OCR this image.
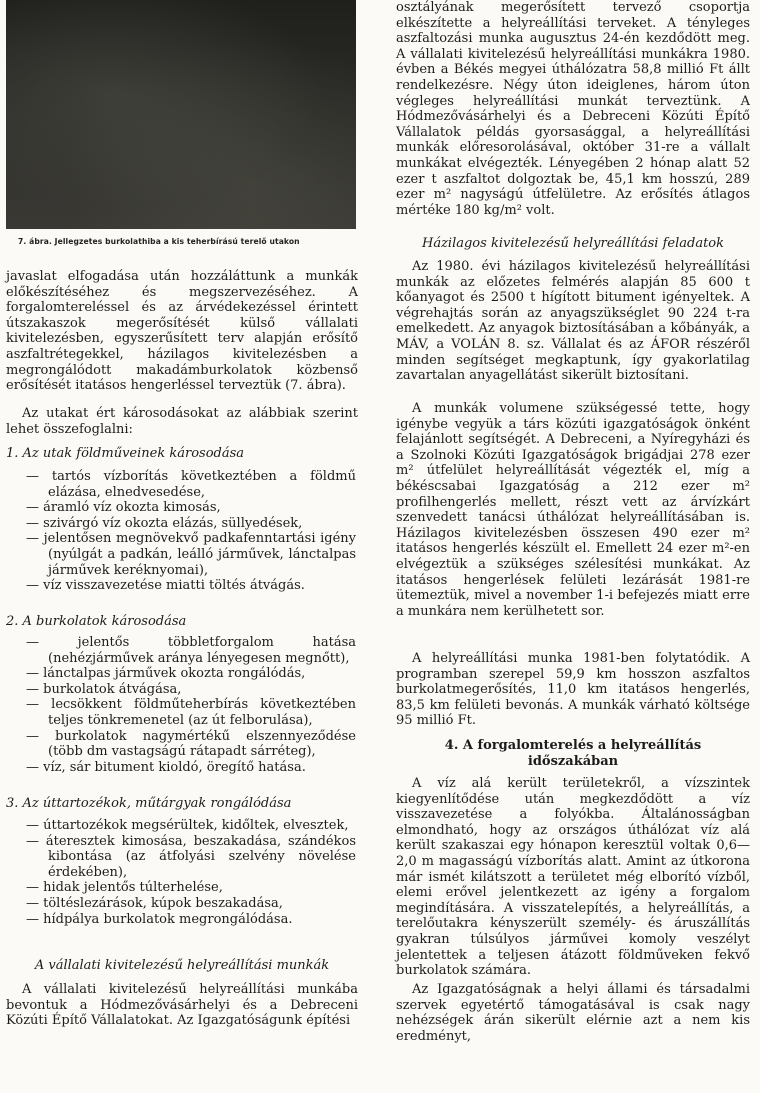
7. ábra. Jellegzetes burkolathiba a kis teherbírású terelő utakon

javaslat elfogadása után hozzáláttunk a munkák előkészítéséhez és megszervezéséhez. A forgalomtereléssel és az árvédekezéssel érintett útszakaszok megerősítését külső vállalati kivitelezésben, egyszerűsített terv alapján erősítő aszfaltrétegekkel, házilagos kivitelezésben a megrongálódott makadámburkolatok közbenső erősítését itatásos hengerléssel terveztük (7. ábra).

Az utakat ért károsodásokat az alábbiak szerint lehet összefoglalni:

1. Az utak földműveinek károsodása

— tartós vízborítás következtében a földmű elázása, elnedvesedése,

— áramló víz okozta kimosás,

— szivárgó víz okozta elázás, süllyedések,

— jelentősen megnövekvő padkafenntartási igény (nyúlgát a padkán, leálló járművek, lánctalpas járművek keréknyomai),

— víz visszavezetése miatti töltés átvágás.

2. A burkolatok károsodása

— jelentős többletforgalom hatása (nehézjárművek aránya lényegesen megnőtt),

— lánctalpas járművek okozta rongálódás,

— burkolatok átvágása,

— lecsökkent földműteherbírás következtében teljes tönkremenetel (az út felborulása),

— burkolatok nagymértékű elszennyeződése (több dm vastagságú rátapadt sárréteg),

— víz, sár bitument kioldó, öregítő hatása.

3. Az úttartozékok, műtárgyak rongálódása

— úttartozékok megsérültek, kidőltek, elvesztek,

— áteresztek kimosása, beszakadása, szándékos kibontása (az átfolyási szelvény növelése érdekében),

— hidak jelentős túlterhelése,

— töltéslezárások, kúpok beszakadása,

— hídpálya burkolatok megrongálódása.

A vállalati kivitelezésű helyreállítási munkák

A vállalati kivitelezésű helyreállítási munkába bevontuk a Hódmezővásárhelyi és a Debreceni Közúti Építő Vállalatokat. Az Igazgatóságunk építési

osztályának megerősített tervező csoportja elkészítette a helyreállítási terveket. A tényleges aszfaltozási munka augusztus 24-én kezdődött meg. A vállalati kivitelezésű helyreállítási munkákra 1980. évben a Békés megyei úthálózatra 58,8 millió Ft állt rendelkezésre. Négy úton ideiglenes, három úton végleges helyreállítási munkát terveztünk. A Hódmezővásárhelyi és a Debreceni Közúti Építő Vállalatok példás gyorsasággal, a helyreállítási munkák előresorolásával, október 31-re a vállalt munkákat elvégezték. Lényegében 2 hónap alatt 52 ezer t aszfaltot dolgoztak be, 45,1 km hosszú, 289 ezer m² nagyságú útfelületre. Az erősítés átlagos mértéke 180 kg/m² volt.

Házilagos kivitelezésű helyreállítási feladatok

Az 1980. évi házilagos kivitelezésű helyreállítási munkák az előzetes felmérés alapján 85 600 t kőanyagot és 2500 t hígított bitument igényeltek. A végrehajtás során az anyagszükséglet 90 224 t-ra emelkedett. Az anyagok biztosításában a kőbányák, a MÁV, a VOLÁN 8. sz. Vállalat és az ÁFOR részéről minden segítséget megkaptunk, így gyakorlatilag zavartalan anyagellátást sikerült biztosítani.

A munkák volumene szükségessé tette, hogy igénybe vegyük a társ közúti igazgatóságok önként felajánlott segítségét. A Debreceni, a Nyíregyházi és a Szolnoki Közúti Igazgatóságok brigádjai 278 ezer m² útfelület helyreállítását végezték el, míg a békéscsabai Igazgatóság a 212 ezer m² profilhengerlés mellett, részt vett az árvízkárt szenvedett tanácsi úthálózat helyreállításában is. Házilagos kivitelezésben összesen 490 ezer m² itatásos hengerlés készült el. Emellett 24 ezer m²-en elvégeztük a szükséges szélesítési munkákat. Az itatásos hengerlések felületi lezárását 1981-re ütemeztük, mivel a november 1-i befejezés miatt erre a munkára nem kerülhetett sor.

A helyreállítási munka 1981-ben folytatódik. A programban szerepel 59,9 km hosszon aszfaltos burkolatmegerősítés, 11,0 km itatásos hengerlés, 83,5 km felületi bevonás. A munkák várható költsége 95 millió Ft.

4. A forgalomterelés a helyreállítás

időszakában

A víz alá került területekről, a vízszintek kiegyenlítődése után megkezdődött a víz visszavezetése a folyókba. Általánosságban elmondható, hogy az országos úthálózat víz alá került szakaszai egy hónapon keresztül voltak 0,6—2,0 m magasságú vízborítás alatt. Amint az útkorona már ismét kilátszott a területet még elborító vízből, elemi erővel jelentkezett az igény a forgalom megindítására. A visszatelepítés, a helyreállítás, a terelőutakra kényszerült személy- és áruszállítás gyakran túlsúlyos járművei komoly veszélyt jelentettek a teljesen átázott földműveken fekvő burkolatok számára.

Az Igazgatóságnak a helyi állami és társadalmi szervek egyetértő támogatásával is csak nagy nehézségek árán sikerült elérnie azt a nem kis eredményt,
